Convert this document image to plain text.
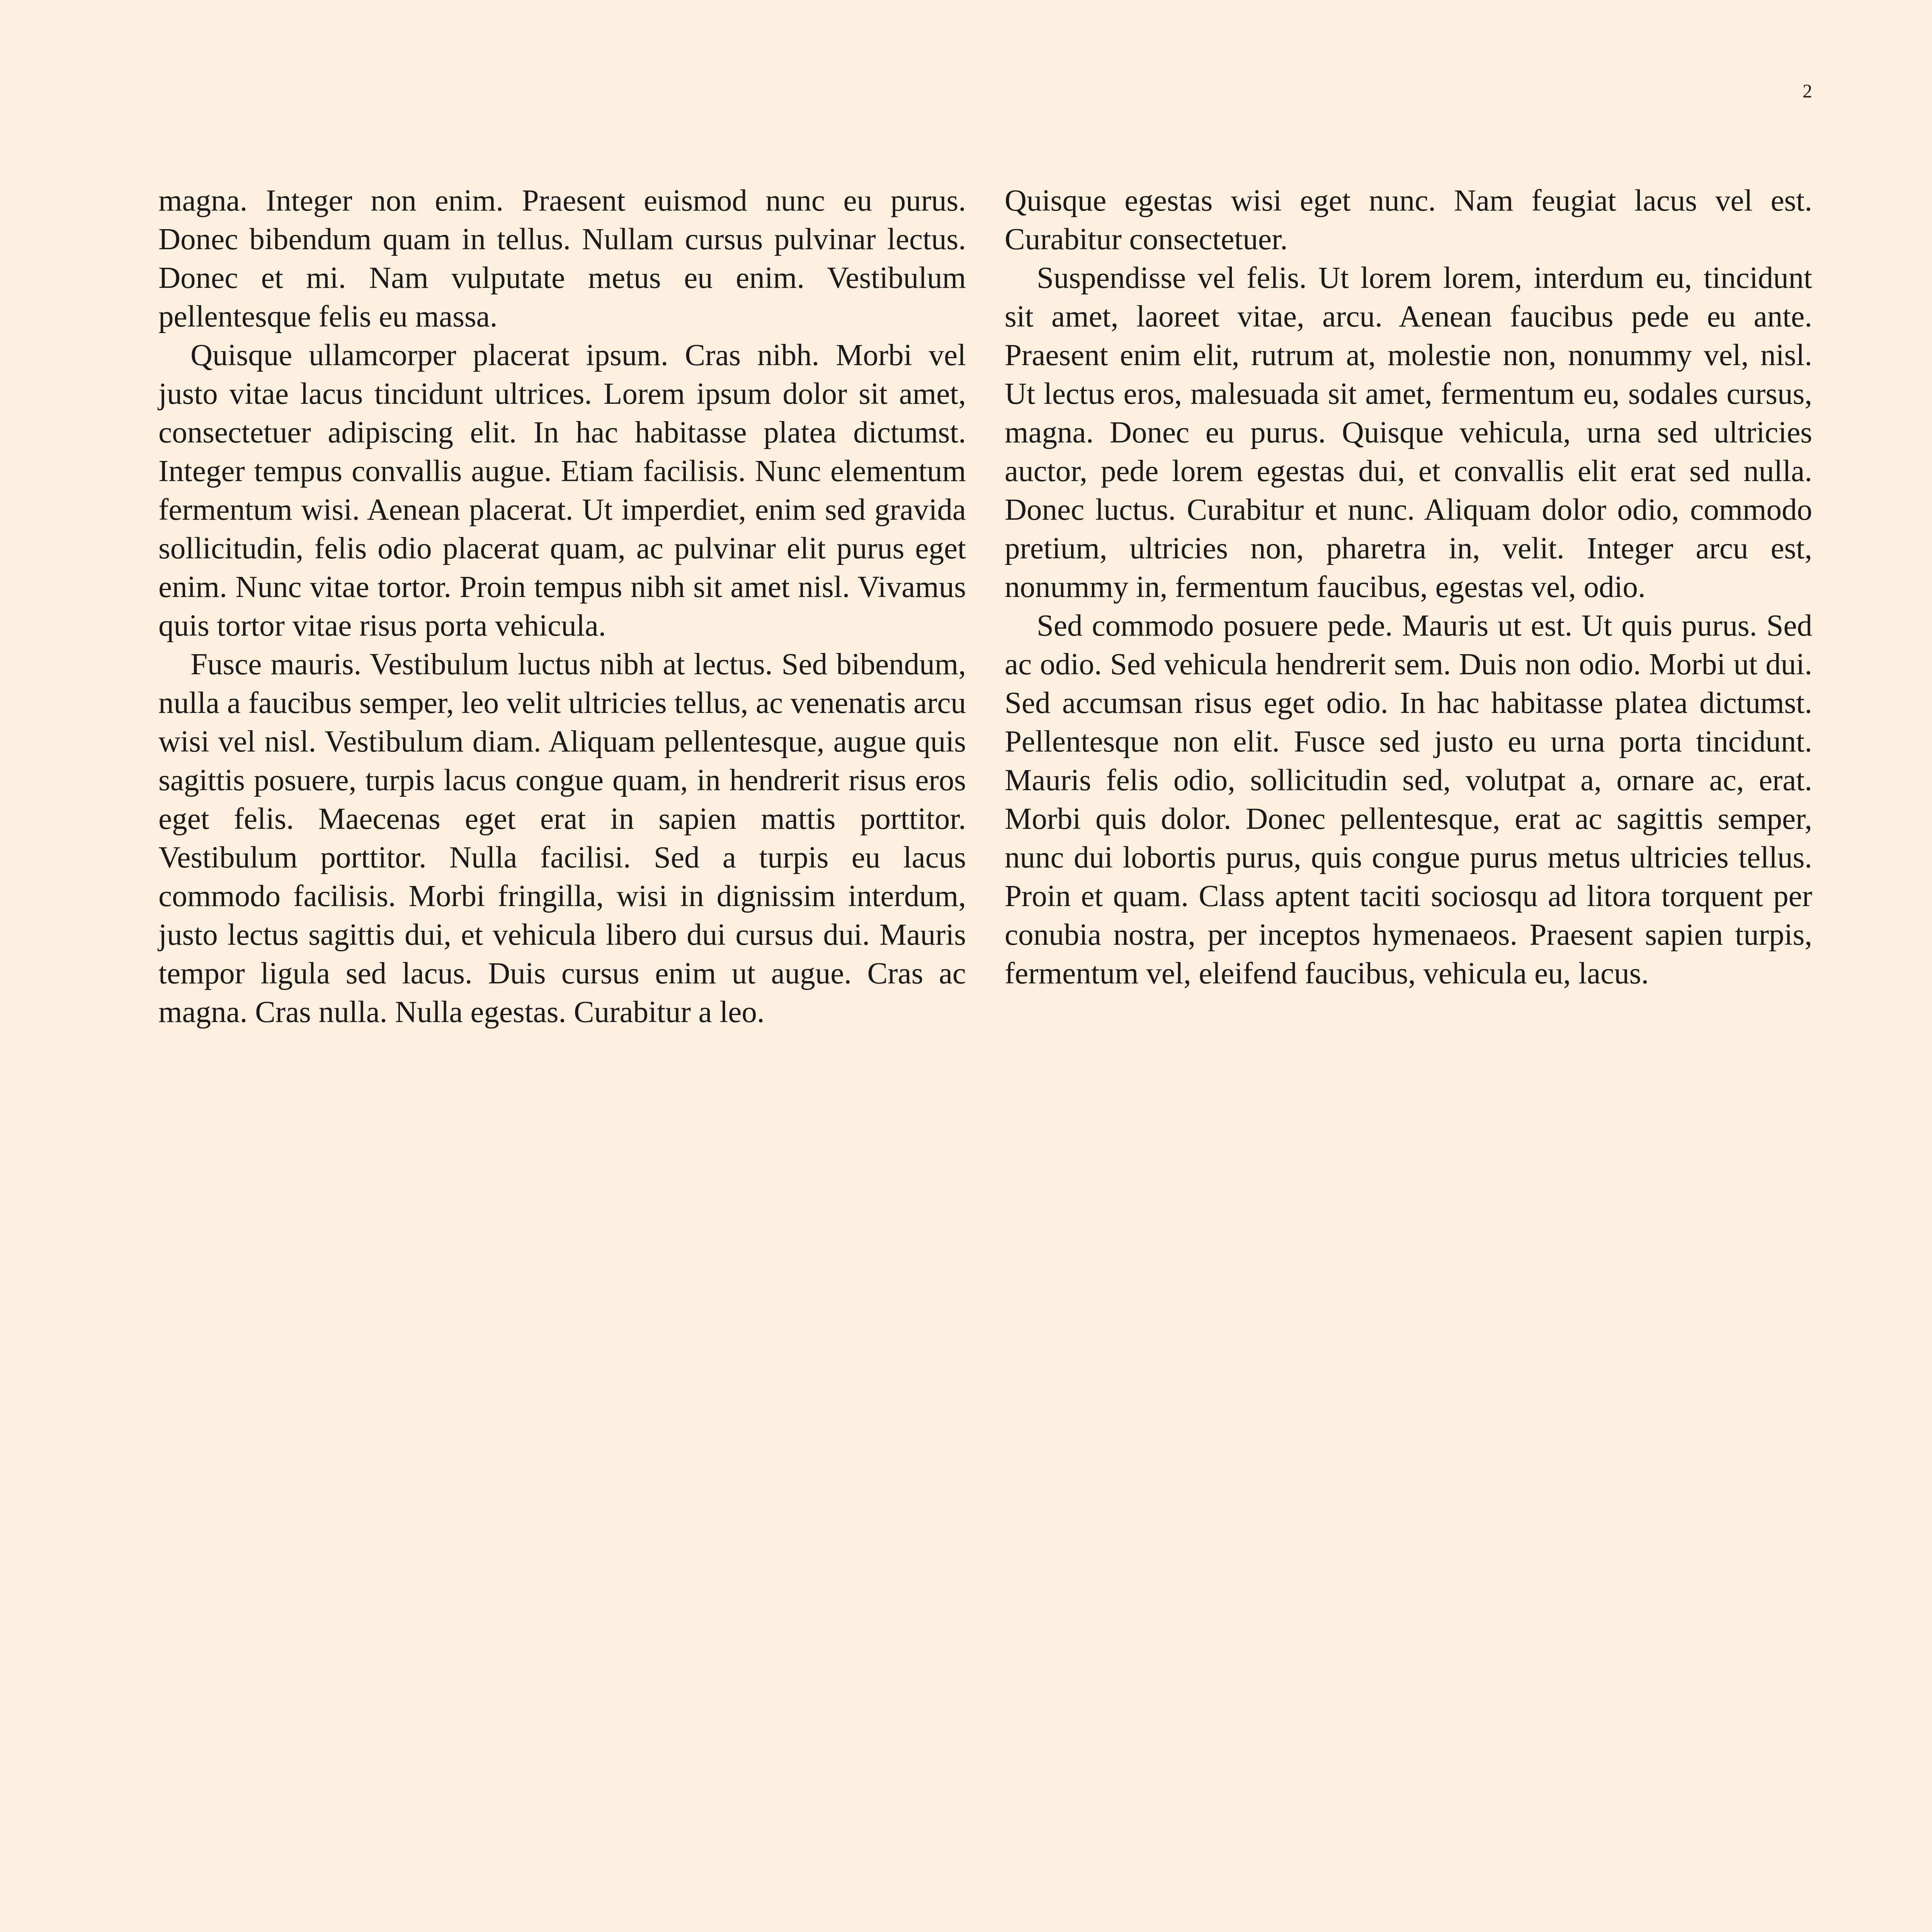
2

magna. Integer non enim. Praesent euismod nunc eu purus. Donec bibendum quam in tellus. Nullam cursus pulvinar lectus. Donec et mi. Nam vulputate metus eu enim. Vestibulum pellentesque felis eu massa.

Quisque ullamcorper placerat ipsum. Cras nibh. Morbi vel justo vitae lacus tincidunt ultrices. Lorem ipsum dolor sit amet, consectetuer adipiscing elit. In hac habitasse platea dictumst. Integer tempus convallis augue. Etiam facilisis. Nunc elementum fermentum wisi. Aenean placerat. Ut imperdiet, enim sed gravida sollicitudin, felis odio placerat quam, ac pulvinar elit purus eget enim. Nunc vitae tortor. Proin tempus nibh sit amet nisl. Vivamus quis tortor vitae risus porta vehicula.

Fusce mauris. Vestibulum luctus nibh at lectus. Sed bibendum, nulla a faucibus semper, leo velit ultricies tellus, ac venenatis arcu wisi vel nisl. Vestibulum diam. Aliquam pellentesque, augue quis sagittis posuere, turpis lacus congue quam, in hendrerit risus eros eget felis. Maecenas eget erat in sapien mattis porttitor. Vestibulum porttitor. Nulla facilisi. Sed a turpis eu lacus commodo facilisis. Morbi fringilla, wisi in dignissim interdum, justo lectus sagittis dui, et vehicula libero dui cursus dui. Mauris tempor ligula sed lacus. Duis cursus enim ut augue. Cras ac magna. Cras nulla. Nulla egestas. Curabitur a leo.

Quisque egestas wisi eget nunc. Nam feugiat lacus vel est. Curabitur consectetuer.

Suspendisse vel felis. Ut lorem lorem, interdum eu, tincidunt sit amet, laoreet vitae, arcu. Aenean faucibus pede eu ante. Praesent enim elit, rutrum at, molestie non, nonummy vel, nisl. Ut lectus eros, malesuada sit amet, fermentum eu, sodales cursus, magna. Donec eu purus. Quisque vehicula, urna sed ultricies auctor, pede lorem egestas dui, et convallis elit erat sed nulla. Donec luctus. Curabitur et nunc. Aliquam dolor odio, commodo pretium, ultricies non, pharetra in, velit. Integer arcu est, nonummy in, fermentum faucibus, egestas vel, odio.

Sed commodo posuere pede. Mauris ut est. Ut quis purus. Sed ac odio. Sed vehicula hendrerit sem. Duis non odio. Morbi ut dui. Sed accumsan risus eget odio. In hac habitasse platea dictumst. Pellentesque non elit. Fusce sed justo eu urna porta tincidunt. Mauris felis odio, sollicitudin sed, volutpat a, ornare ac, erat. Morbi quis dolor. Donec pellentesque, erat ac sagittis semper, nunc dui lobortis purus, quis congue purus metus ultricies tellus. Proin et quam. Class aptent taciti sociosqu ad litora torquent per conubia nostra, per inceptos hymenaeos. Praesent sapien turpis, fermentum vel, eleifend faucibus, vehicula eu, lacus.
